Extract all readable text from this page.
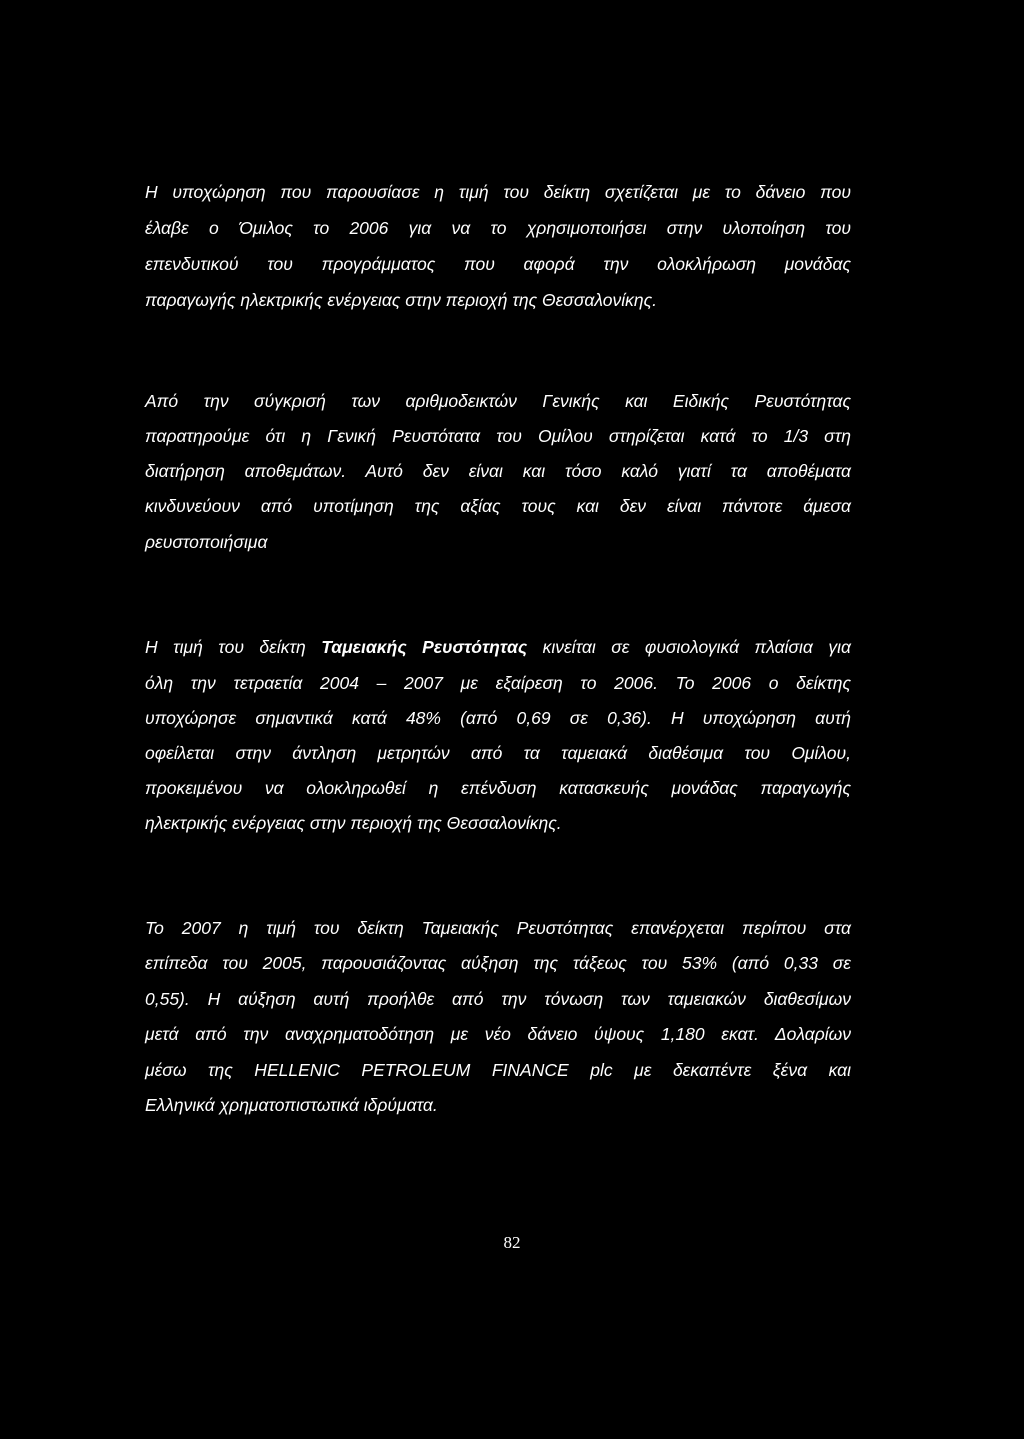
Η υποχώρηση που παρουσίασε η τιμή του δείκτη σχετίζεται με το δάνειο που
έλαβε ο Όμιλος το 2006 για να το χρησιμοποιήσει στην υλοποίηση του
επενδυτικού του προγράμματος που αφορά την ολοκλήρωση μονάδας
παραγωγής ηλεκτρικής ενέργειας στην περιοχή της Θεσσαλονίκης.
Από την σύγκρισή των αριθμοδεικτών Γενικής και Ειδικής Ρευστότητας
παρατηρούμε ότι η Γενική Ρευστότατα του Ομίλου στηρίζεται κατά το 1/3 στη
διατήρηση αποθεμάτων. Αυτό δεν είναι και τόσο καλό γιατί τα αποθέματα
κινδυνεύουν από υποτίμηση της αξίας τους και δεν είναι πάντοτε άμεσα
ρευστοποιήσιμα
Η τιμή του δείκτη Ταμειακής Ρευστότητας κινείται σε φυσιολογικά πλαίσια για
όλη την τετραετία 2004 – 2007 με εξαίρεση το 2006. Το 2006 ο δείκτης
υποχώρησε σημαντικά κατά 48% (από 0,69 σε 0,36). Η υποχώρηση αυτή
οφείλεται στην άντληση μετρητών από τα ταμειακά διαθέσιμα του Ομίλου,
προκειμένου να ολοκληρωθεί η επένδυση κατασκευής μονάδας παραγωγής
ηλεκτρικής ενέργειας στην περιοχή της Θεσσαλονίκης.
Το 2007 η τιμή του δείκτη Ταμειακής Ρευστότητας επανέρχεται περίπου στα
επίπεδα του 2005, παρουσιάζοντας αύξηση της τάξεως του 53% (από 0,33 σε
0,55). Η αύξηση αυτή προήλθε από την τόνωση των ταμειακών διαθεσίμων
μετά από την αναχρηματοδότηση με νέο δάνειο ύψους 1,180 εκατ. Δολαρίων
μέσω της HELLENIC PETROLEUM FINANCE plc με δεκαπέντε ξένα και
Ελληνικά χρηματοπιστωτικά ιδρύματα.
82
